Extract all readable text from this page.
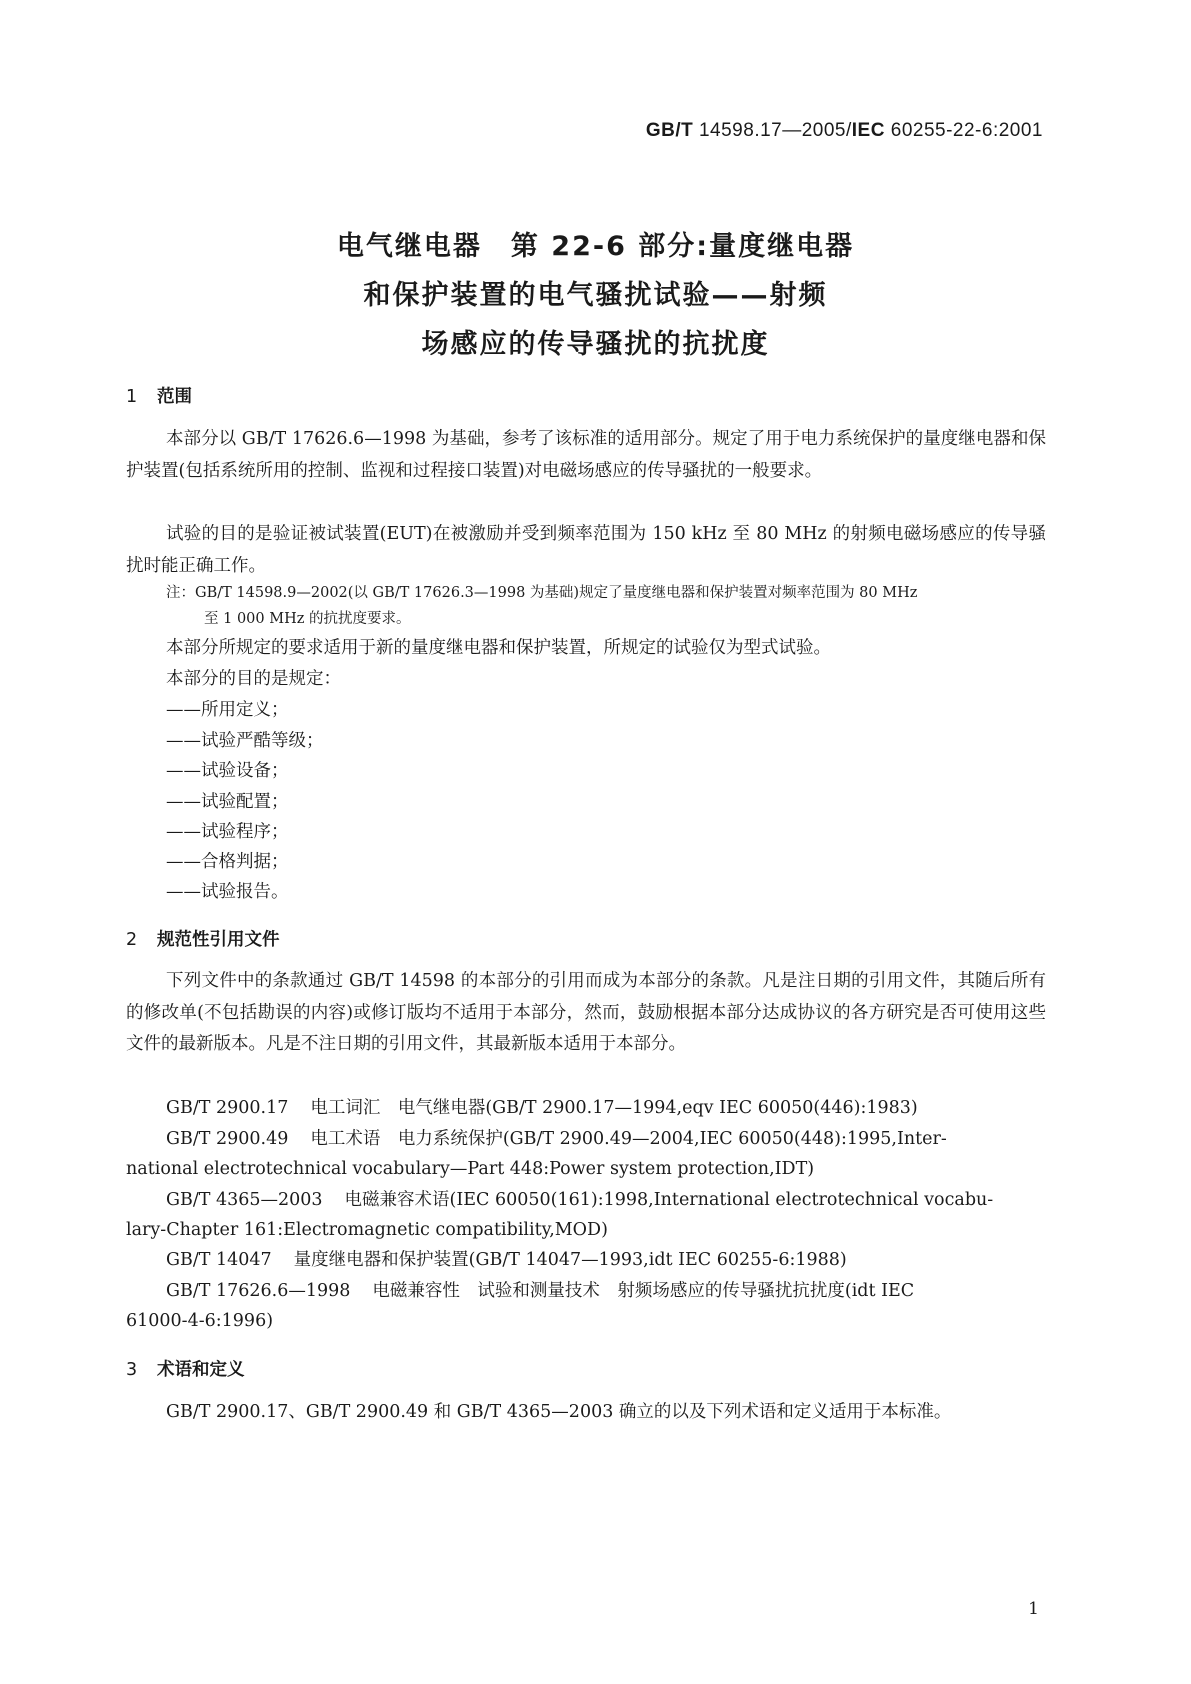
GB/T 14598.17—2005/IEC 60255-22-6:2001
电气继电器　第 22-6 部分:量度继电器
和保护装置的电气骚扰试验——射频
场感应的传导骚扰的抗扰度
1 范围

本部分以 GB/T 17626.6—1998 为基础，参考了该标准的适用部分。规定了用于电力系统保护的量度继电器和保护装置(包括系统所用的控制、监视和过程接口装置)对电磁场感应的传导骚扰的一般要求。

试验的目的是验证被试装置(EUT)在被激励并受到频率范围为 150 kHz 至 80 MHz 的射频电磁场感应的传导骚扰时能正确工作。

注：GB/T 14598.9—2002(以 GB/T 17626.3—1998 为基础)规定了量度继电器和保护装置对频率范围为 80 MHz
至 1 000 MHz 的抗扰度要求。
本部分所规定的要求适用于新的量度继电器和保护装置，所规定的试验仅为型式试验。
本部分的目的是规定：
——所用定义；
——试验严酷等级；
——试验设备；
——试验配置；
——试验程序；
——合格判据；
——试验报告。
2 规范性引用文件

下列文件中的条款通过 GB/T 14598 的本部分的引用而成为本部分的条款。凡是注日期的引用文件，其随后所有的修改单(不包括勘误的内容)或修订版均不适用于本部分，然而，鼓励根据本部分达成协议的各方研究是否可使用这些文件的最新版本。凡是不注日期的引用文件，其最新版本适用于本部分。

GB/T 2900.17 电工词汇　电气继电器(GB/T 2900.17—1994,eqv IEC 60050(446):1983)
GB/T 2900.49 电工术语　电力系统保护(GB/T 2900.49—2004,IEC 60050(448):1995,Inter-
national electrotechnical vocabulary—Part 448:Power system protection,IDT)
GB/T 4365—2003 电磁兼容术语(IEC 60050(161):1998,International electrotechnical vocabu-
lary-Chapter 161:Electromagnetic compatibility,MOD)
GB/T 14047 量度继电器和保护装置(GB/T 14047—1993,idt IEC 60255-6:1988)
GB/T 17626.6—1998 电磁兼容性　试验和测量技术　射频场感应的传导骚扰抗扰度(idt IEC
61000-4-6:1996)
3 术语和定义
GB/T 2900.17、GB/T 2900.49 和 GB/T 4365—2003 确立的以及下列术语和定义适用于本标准。
1
